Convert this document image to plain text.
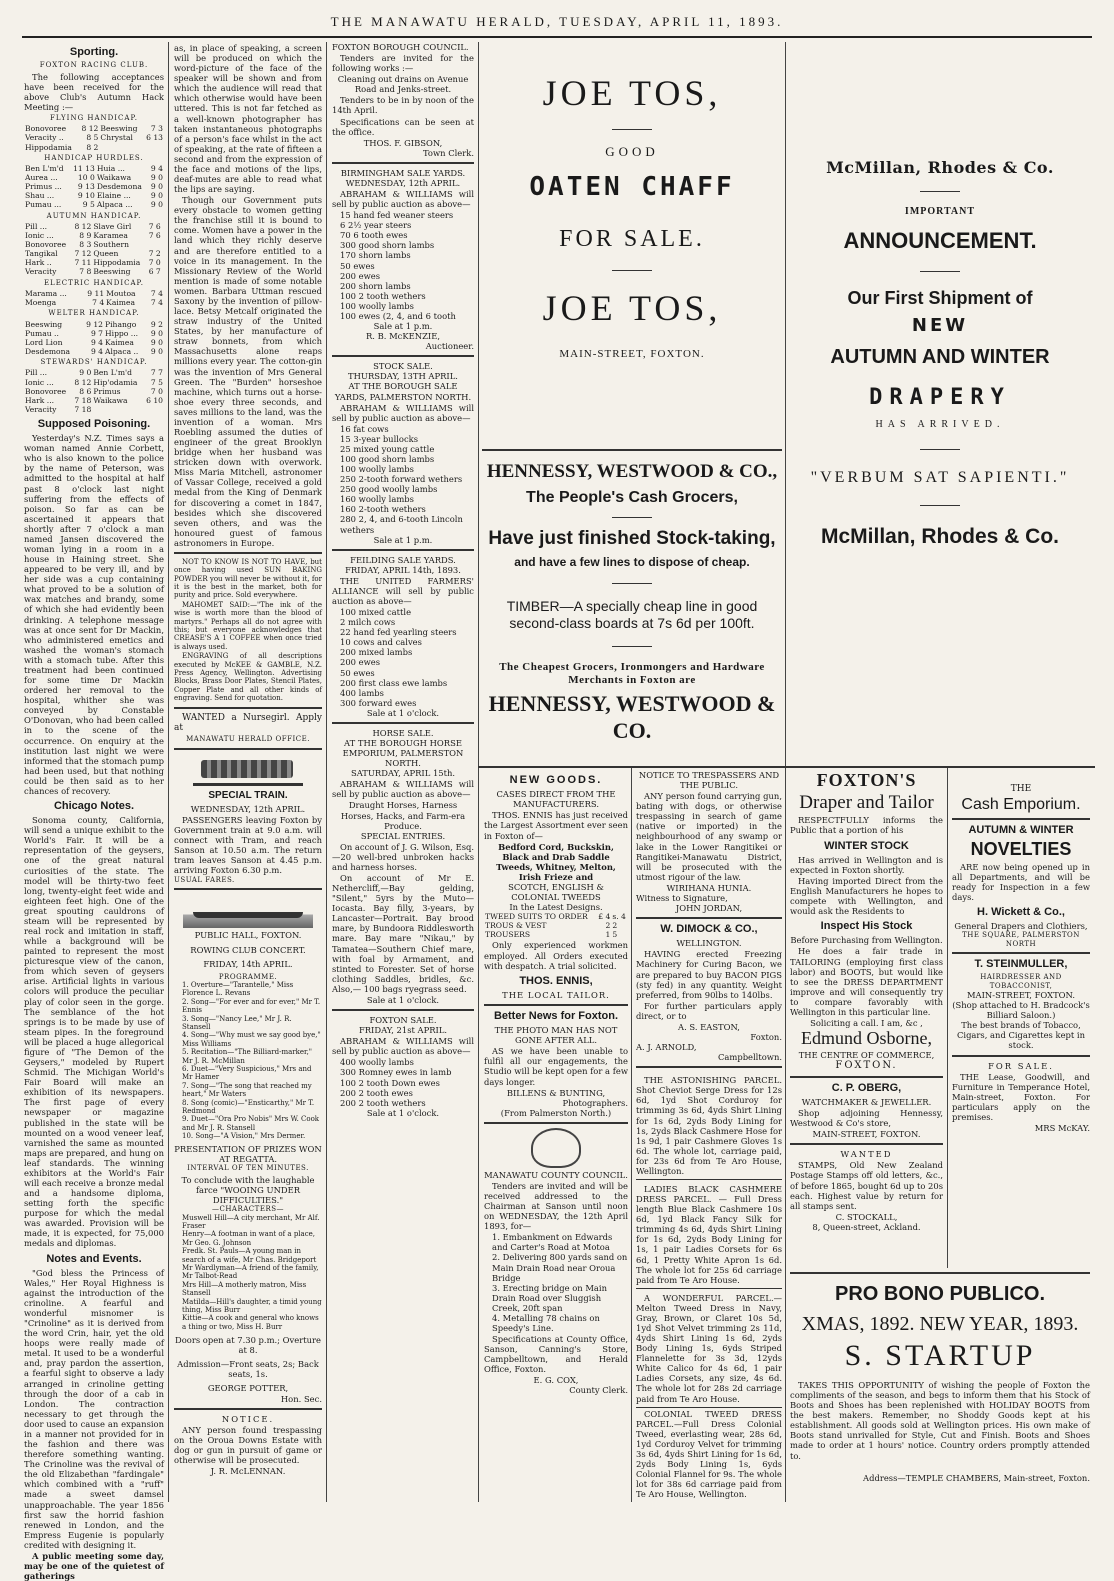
THE MANAWATU HERALD, TUESDAY, APRIL 11, 1893.
Sporting.
FOXTON RACING CLUB.
The following acceptances have been received for the above Club's Autumn Hack Meeting :—
FLYING HANDICAP.
Bonovoree	8 12	Beeswing	7 3
Veracity ..	8 5	Chrystal	6 13
Hippodamia	8 2		
HANDICAP HURDLES.
Ben L'm'd	11 13	Huia ...	9 4
Aurea ...	10 0	Waikawa	9 0
Primus ...	9 13	Desdemona	9 0
Shau ...	9 10	Elaine ...	9 0
Pumau ...	9 5	Alpaca ...	9 0
AUTUMN HANDICAP.
Pill ...	8 12	Slave Girl	7 6	
Ionic ...	8 9	Karamea	7 6	
Bonovoree	8 3	Southern		
Tangikal	7 12	Queen	7 2	
Hark ..	7 11	Hippodamia	7 0	
Veracity	7 8	Beeswing	6 7	
ELECTRIC HANDICAP.
Marama ...	9 11	Moutoa	7 4
Moenga	7 4	Kaimea	7 4
WELTER HANDICAP.
Beeswing	9 12	Pihango	9 2
Pumau ..	9 7	Hippo ...	9 0
Lord Lion	9 4	Kaimea	9 0
Desdemona	9 4	Alpaca ..	9 0
STEWARDS' HANDICAP.
Pill ...	9 0	Ben L'm'd	7 7
Ionic ...	8 12	Hip'odamia	7 5
Bonovoree	8 6	Primus	7 0
Hark ...	7 18	Waikawa	6 10
Veracity	7 18		
Supposed Poisoning.
Yesterday's N.Z. Times says a woman named Annie Corbett, who is also known to the police by the name of Peterson, was admitted to the hospital at half past 8 o'clock last night suffering from the effects of poison. So far as can be ascertained it appears that shortly after 7 o'clock a man named Jansen discovered the woman lying in a room in a house in Haining street. She appeared to be very ill, and by her side was a cup containing what proved to be a solution of wax matches and brandy, some of which she had evidently been drinking. A telephone message was at once sent for Dr Mackin, who administered emetics and washed the woman's stomach with a stomach tube. After this treatment had been continued for some time Dr Mackin ordered her removal to the hospital, whither she was conveyed by Constable O'Donovan, who had been called in to the scene of the occurrence. On enquiry at the institution last night we were informed that the stomach pump had been used, but that nothing could be then said as to her chances of recovery.
Chicago Notes.
Sonoma county, California, will send a unique exhibit to the World's Fair. It will be a representation of the geysers, one of the great natural curiosities of the state. The model will be thirty-two feet long, twenty-eight feet wide and eighteen feet high. One of the great spouting cauldrons of steam will be represented by real rock and imitation in staff, while a background will be painted to represent the most picturesque view of the canon, from which seven of geysers arise. Artificial lights in various colors will produce the peculiar play of color seen in the gorge. The semblance of the hot springs is to be made by use of steam pipes. In the foreground will be placed a huge allegorical figure of "The Demon of the Geysers," modeled by Rupert Schmid. The Michigan World's Fair Board will make an exhibition of its newspapers. The first page of every newspaper or magazine published in the state will be mounted on a wood veneer leaf, varnished the same as mounted maps are prepared, and hung on leaf standards. The winning exhibitors at the World's Fair will each receive a bronze medal and a handsome diploma, setting forth the specific purpose for which the medal was awarded. Provision will be made, it is expected, for 75,000 medals and diplomas.
Notes and Events.
"God bless the Princess of Wales," Her Royal Highness is against the introduction of the crinoline. A fearful and wonderful misnomer is "Crinoline" as it is derived from the word Crin, hair, yet the old hoops were really made of metal. It used to be a wonderful and, pray pardon the assertion, a fearful sight to observe a lady arranged in crinoline getting through the door of a cab in London. The contraction necessary to get through the door used to cause an expansion in a manner not provided for in the fashion and there was therefore something wanting. The Crinoline was the revival of the old Elizabethan "fardingale" which combined with a "ruff" made a sweet damsel unapproachable. The year 1856 first saw the horrid fashion renewed in London, and the Empress Eugenie is popularly credited with designing it.
A public meeting some day, may be one of the quietest of gatherings
as, in place of speaking, a screen will be produced on which the word-picture of the face of the speaker will be shown and from which the audience will read that which otherwise would have been uttered. This is not far fetched as a well-known photographer has taken instantaneous photographs of a person's face whilst in the act of speaking, at the rate of fifteen a second and from the expression of the face and motions of the lips, deaf-mutes are able to read what the lips are saying.
Though our Government puts every obstacle to women getting the franchise still it is bound to come. Women have a power in the land which they richly deserve and are therefore entitled to a voice in its management. In the Missionary Review of the World mention is made of some notable women. Barbara Uttman rescued Saxony by the invention of pillow-lace. Betsy Metcalf originated the straw industry of the United States, by her manufacture of straw bonnets, from which Massachusetts alone reaps millions every year. The cotton-gin was the invention of Mrs General Green. The "Burden" horseshoe machine, which turns out a horse-shoe every three seconds, and saves millions to the land, was the invention of a woman. Mrs Roebling assumed the duties of engineer of the great Brooklyn bridge when her husband was stricken down with overwork. Miss Maria Mitchell, astronomer of Vassar College, received a gold medal from the King of Denmark for discovering a comet in 1847, besides which she discovered seven others, and was the honoured guest of famous astronomers in Europe.
NOT TO KNOW IS NOT TO HAVE, but once having used SUN BAKING POWDER you will never be without it, for it is the best in the market, both for purity and price. Sold everywhere.
MAHOMET SAID:—"The ink of the wise is worth more than the blood of martyrs." Perhaps all do not agree with this; but everyone acknowledges that CREASE'S A 1 COFFEE when once tried is always used.
ENGRAVING of all descriptions executed by McKEE & GAMBLE, N.Z. Press Agency, Wellington. Advertising Blocks, Brass Door Plates, Stencil Plates, Copper Plate and all other kinds of engraving. Send for quotation.
WANTED a Nursegirl. Apply at
MANAWATU HERALD OFFICE.
SPECIAL TRAIN.
WEDNESDAY, 12th APRIL.
PASSENGERS leaving Foxton by Government train at 9.0 a.m. will connect with Tram, and reach Sanson at 10.50 a.m. The return tram leaves Sanson at 4.45 p.m. arriving Foxton 6.30 p.m.
USUAL FARES.
PUBLIC HALL, FOXTON.
ROWING CLUB CONCERT.
FRIDAY, 14th APRIL.
PROGRAMME.
1. Overture—"Tarantelle," Miss Florence L. Revans
2. Song—"For ever and for ever," Mr T. Ennis
3. Song—"Nancy Lee," Mr J. R. Stansell
4. Song—"Why must we say good bye," Miss Williams
5. Recitation—"The Billiard-marker," Mr J. R. McMillan
6. Duet—"Very Suspicious," Mrs and Mr Hamer
7. Song—"The song that reached my heart," Mr Waters
8. Song (comic)—"Ensticarthy," Mr T. Redmond
9. Duet—"Ora Pro Nobis" Mrs W. Cook and Mr J. R. Stansell
10. Song—"A Vision," Mrs Dermer.
PRESENTATION OF PRIZES WON AT REGATTA.
INTERVAL OF TEN MINUTES.
To conclude with the laughable farce "WOOING UNDER DIFFICULTIES."
—CHARACTERS—
Muswell Hill—A city merchant, Mr Alf. Fraser
Henry—A footman in want of a place, Mr Geo. G. Johnson
Fredk. St. Pauls—A young man in search of a wife, Mr Chas. Bridgeport
Mr Wardlyman—A friend of the family, Mr Talbot-Read
Mrs Hill—A motherly matron, Miss Stansell
Matilda—Hill's daughter, a timid young thing, Miss Burr
Kittie—A cook and general who knows a thing or two, Miss H. Burr
Doors open at 7.30 p.m.; Overture at 8.
Admission—Front seats, 2s; Back seats, 1s.
GEORGE POTTER,
Hon. Sec.
NOTICE.
ANY person found trespassing on the Oroua Downs Estate with dog or gun in pursuit of game or otherwise will be prosecuted.
J. R. McLENNAN.
FOXTON BOROUGH COUNCIL.
Tenders are invited for the following works :—
Cleaning out drains on Avenue Road and Jenks-street.
Tenders to be in by noon of the 14th April.
Specifications can be seen at the office.
THOS. F. GIBSON,
Town Clerk.
BIRMINGHAM SALE YARDS.
WEDNESDAY, 12th APRIL.
ABRAHAM & WILLIAMS will sell by public auction as above—
15 hand fed weaner steers
6 2½ year steers
70 6 tooth ewes
300 good shorn lambs
170 shorn lambs
50 ewes
200 ewes
200 shorn lambs
100 2 tooth wethers
100 woolly lambs
100 ewes (2, 4, and 6 tooth
Sale at 1 p.m.
R. B. McKENZIE,
Auctioneer.
STOCK SALE.
THURSDAY, 13TH APRIL.
AT THE BOROUGH SALE YARDS, PALMERSTON NORTH.
ABRAHAM & WILLIAMS will sell by public auction as above—
16 fat cows
15 3-year bullocks
25 mixed young cattle
100 good shorn lambs
100 woolly lambs
250 2-tooth forward wethers
250 good woolly lambs
160 woolly lambs
160 2-tooth wethers
280 2, 4, and 6-tooth Lincoln wethers
Sale at 1 p.m.
FEILDING SALE YARDS.
FRIDAY, APRIL 14th, 1893.
THE UNITED FARMERS' ALLIANCE will sell by public auction as above—
100 mixed cattle
2 milch cows
22 hand fed yearling steers
10 cows and calves
200 mixed lambs
200 ewes
50 ewes
200 first class ewe lambs
400 lambs
300 forward ewes
Sale at 1 o'clock.
HORSE SALE.
AT THE BOROUGH HORSE EMPORIUM, PALMERSTON NORTH.
SATURDAY, APRIL 15th.
ABRAHAM & WILLIAMS will sell by public auction as above—
Draught Horses, Harness Horses, Hacks, and Farm-era Produce.
SPECIAL ENTRIES.
On account of J. G. Wilson, Esq.—20 well-bred unbroken hacks and harness horses.
On account of Mr E. Nethercliff,—Bay gelding, "Silent," 5yrs by the Muto—Iocasta. Bay filly, 3-years, by Lancaster—Portrait. Bay brood mare, by Bundoora Riddlesworth mare. Bay mare "Nikau," by Tamatea—Southern Chief mare, with foal by Armament, and stinted to Forester. Set of horse clothing Saddles, bridles, &c. Also,— 100 bags ryegrass seed.
Sale at 1 o'clock.
FOXTON SALE.
FRIDAY, 21st APRIL.
ABRAHAM & WILLIAMS will sell by public auction as above—
400 woolly lambs
300 Romney ewes in lamb
100 2 tooth Down ewes
200 2 tooth ewes
200 2 tooth wethers
Sale at 1 o'clock.
JOE TOS,
GOOD
OATEN CHAFF
FOR SALE.
JOE TOS,
MAIN-STREET, FOXTON.
HENNESSY, WESTWOOD & CO.,
The People's Cash Grocers,
Have just finished Stock-taking,
and have a few lines to dispose of cheap.
TIMBER—A specially cheap line in good second-class boards at 7s 6d per 100ft.
The Cheapest Grocers, Ironmongers and Hardware Merchants in Foxton are
HENNESSY, WESTWOOD & CO.
NEW GOODS.
CASES DIRECT FROM THE MANUFACTURERS.
THOS. ENNIS has just received the Largest Assortment ever seen in Foxton of—
Bedford Cord, Buckskin, Black and Drab Saddle Tweeds, Whitney, Melton, Irish Frieze and
SCOTCH, ENGLISH & COLONIAL TWEEDS
In the Latest Designs.
TWEED SUITS TO ORDER	£ 4	s. 4
TROUS & VEST	2	2
TROUSERS	1	5
Only experienced workmen employed. All Orders executed with despatch. A trial solicited.
THOS. ENNIS,
THE LOCAL TAILOR.
Better News for Foxton.
THE PHOTO MAN HAS NOT GONE AFTER ALL.
AS we have been unable to fulfil all our engagements, the Studio will be kept open for a few days longer.
BILLENS & BUNTING,
Photographers.
(From Palmerston North.)
MANAWATU COUNTY COUNCIL.
Tenders are invited and will be received addressed to the Chairman at Sanson until noon on WEDNESDAY, the 12th April 1893, for—
1. Embankment on Edwards and Carter's Road at Motoa
2. Delivering 800 yards sand on Main Drain Road near Oroua Bridge
3. Erecting bridge on Main Drain Road over Sluggish Creek, 20ft span
4. Metalling 78 chains on Speedy's Line.
Specifications at County Office, Sanson, Canning's Store, Campbelltown, and Herald Office, Foxton.
E. G. COX,
County Clerk.
NOTICE TO TRESPASSERS AND THE PUBLIC.
ANY person found carrying gun, bating with dogs, or otherwise trespassing in search of game (native or imported) in the neighbourhood of any swamp or lake in the Lower Rangitikei or Rangitikei-Manawatu District, will be prosecuted with the utmost rigour of the law.
WIRIHANA HUNIA.
Witness to Signature,
JOHN JORDAN,
W. DIMOCK & CO.,
WELLINGTON.
HAVING erected Freezing Machinery for Curing Bacon, we are prepared to buy BACON PIGS (sty fed) in any quantity. Weight preferred, from 90lbs to 140lbs.
For further particulars apply direct, or to
A. S. EASTON,
Foxton.
A. J. ARNOLD,
Campbelltown.
THE ASTONISHING PARCEL. Shot Cheviot Serge Dress for 12s 6d, 1yd Shot Corduroy for trimming 3s 6d, 4yds Shirt Lining for 1s 6d, 2yds Body Lining for 1s, 2yds Black Cashmere Hose for 1s 9d, 1 pair Cashmere Gloves 1s 6d. The whole lot, carriage paid, for 23s 6d from Te Aro House, Wellington.
LADIES BLACK CASHMERE DRESS PARCEL. — Full Dress length Blue Black Cashmere 10s 6d, 1yd Black Fancy Silk for trimming 4s 6d, 4yds Shirt Lining for 1s 6d, 2yds Body Lining for 1s, 1 pair Ladies Corsets for 6s 6d, 1 Pretty White Apron 1s 6d. The whole lot for 25s 6d carriage paid from Te Aro House.
A WONDERFUL PARCEL.— Melton Tweed Dress in Navy, Gray, Brown, or Claret 10s 5d, 1yd Shot Velvet trimming 2s 11d, 4yds Shirt Lining 1s 6d, 2yds Body Lining 1s, 6yds Striped Flannelette for 3s 3d, 12yds White Calico for 4s 6d, 1 pair Ladies Corsets, any size, 4s 6d. The whole lot for 28s 2d carriage paid from Te Aro House.
COLONIAL TWEED DRESS PARCEL.—Full Dress Colonial Tweed, everlasting wear, 28s 6d, 1yd Corduroy Velvet for trimming 3s 6d, 4yds Shirt Lining for 1s 6d, 2yds Body Lining 1s, 6yds Colonial Flannel for 9s. The whole lot for 38s 6d carriage paid from Te Aro House, Wellington.
McMillan, Rhodes & Co.
IMPORTANT
ANNOUNCEMENT.
Our First Shipment of
NEW
AUTUMN AND WINTER
DRAPERY
HAS ARRIVED.
"VERBUM SAT SAPIENTI."
McMillan, Rhodes & Co.
FOXTON'S
Draper and Tailor
RESPECTFULLY informs the Public that a portion of his
WINTER STOCK
Has arrived in Wellington and is expected in Foxton shortly.
Having imported Direct from the English Manufacturers he hopes to compete with Wellington, and would ask the Residents to
Inspect His Stock
Before Purchasing from Wellington.
He does a fair trade in TAILORING (employing first class labor) and BOOTS, but would like to see the DRESS DEPARTMENT improve and will consequently try to compare favorably with Wellington in this particular line.
Soliciting a call. I am, &c ,
Edmund Osborne,
THE CENTRE OF COMMERCE,
FOXTON.
C. P. OBERG,
WATCHMAKER & JEWELLER.
Shop adjoining Hennessy, Westwood & Co's store,
MAIN-STREET, FOXTON.
WANTED
STAMPS, Old New Zealand Postage Stamps off old letters, &c., of before 1865, bought 6d up to 20s each. Highest value by return for all stamps sent.
C. STOCKALL,
8, Queen-street, Ackland.
THE
Cash Emporium.
AUTUMN & WINTER
NOVELTIES
ARE now being opened up in all Departments, and will be ready for Inspection in a few days.
H. Wickett & Co.,
General Drapers and Clothiers,
THE SQUARE, PALMERSTON NORTH
T. STEINMULLER,
HAIRDRESSER AND TOBACCONIST,
MAIN-STREET, FOXTON.
(Shop attached to H. Bradcock's Billiard Saloon.)
The best brands of Tobacco, Cigars, and Cigarettes kept in stock.
FOR SALE.
THE Lease, Goodwill, and Furniture in Temperance Hotel, Main-street, Foxton. For particulars apply on the premises.
MRS McKAY.
PRO BONO PUBLICO.
XMAS, 1892. NEW YEAR, 1893.
S. STARTUP
TAKES THIS OPPORTUNITY of wishing the people of Foxton the compliments of the season, and begs to inform them that his Stock of Boots and Shoes has been replenished with HOLIDAY BOOTS from the best makers. Remember, no Shoddy Goods kept at his establishment. All goods sold at Wellington prices. His own make of Boots stand unrivalled for Style, Cut and Finish. Boots and Shoes made to order at 1 hours' notice. Country orders promptly attended to.
Address—TEMPLE CHAMBERS, Main-street, Foxton.
